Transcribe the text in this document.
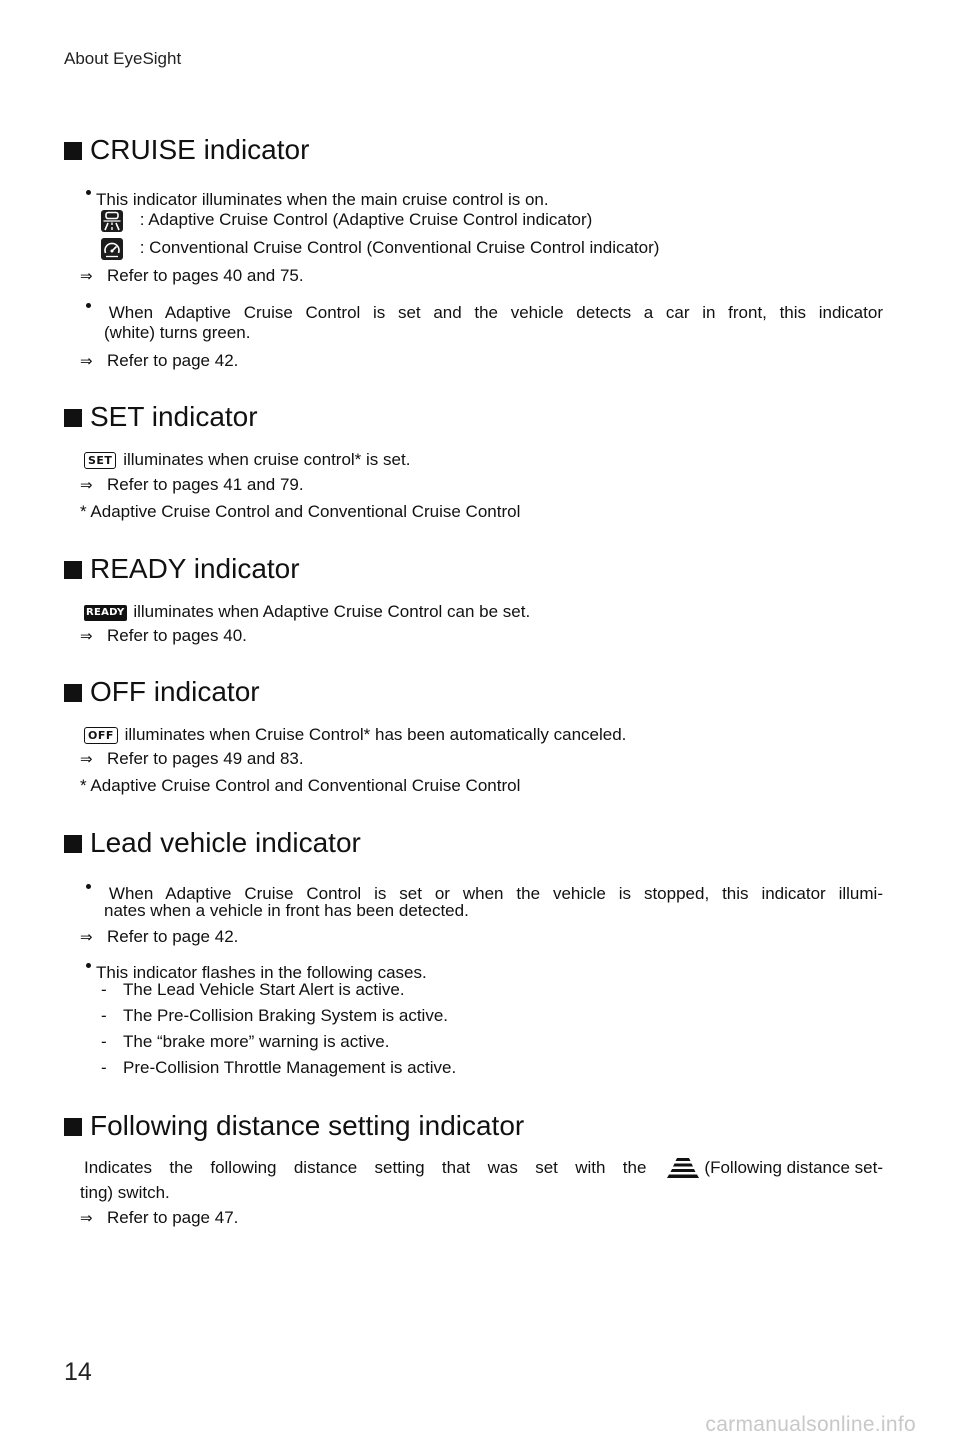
About EyeSight
CRUISE indicator
This indicator illuminates when the main cruise control is on.
: Adaptive Cruise Control (Adaptive Cruise Control indicator)
: Conventional Cruise Control (Conventional Cruise Control indicator)
⇒ Refer to pages 40 and 75.
When Adaptive Cruise Control is set and the vehicle detects a car in front, this indicator
(white) turns green.
⇒ Refer to page 42.
SET indicator
SET illuminates when cruise control* is set.
⇒ Refer to pages 41 and 79.
* Adaptive Cruise Control and Conventional Cruise Control
READY indicator
READY illuminates when Adaptive Cruise Control can be set.
⇒ Refer to pages 40.
OFF indicator
OFF illuminates when Cruise Control* has been automatically canceled.
⇒ Refer to pages 49 and 83.
* Adaptive Cruise Control and Conventional Cruise Control
Lead vehicle indicator
When Adaptive Cruise Control is set or when the vehicle is stopped, this indicator illumi-
nates when a vehicle in front has been detected.
⇒ Refer to page 42.
This indicator flashes in the following cases.
- The Lead Vehicle Start Alert is active.
- The Pre-Collision Braking System is active.
- The “brake more” warning is active.
- Pre-Collision Throttle Management is active.
Following distance setting indicator
Indicates the following distance setting that was set with the	(Following distance set-
ting) switch.
⇒ Refer to page 47.
14
carmanualsonline.info
